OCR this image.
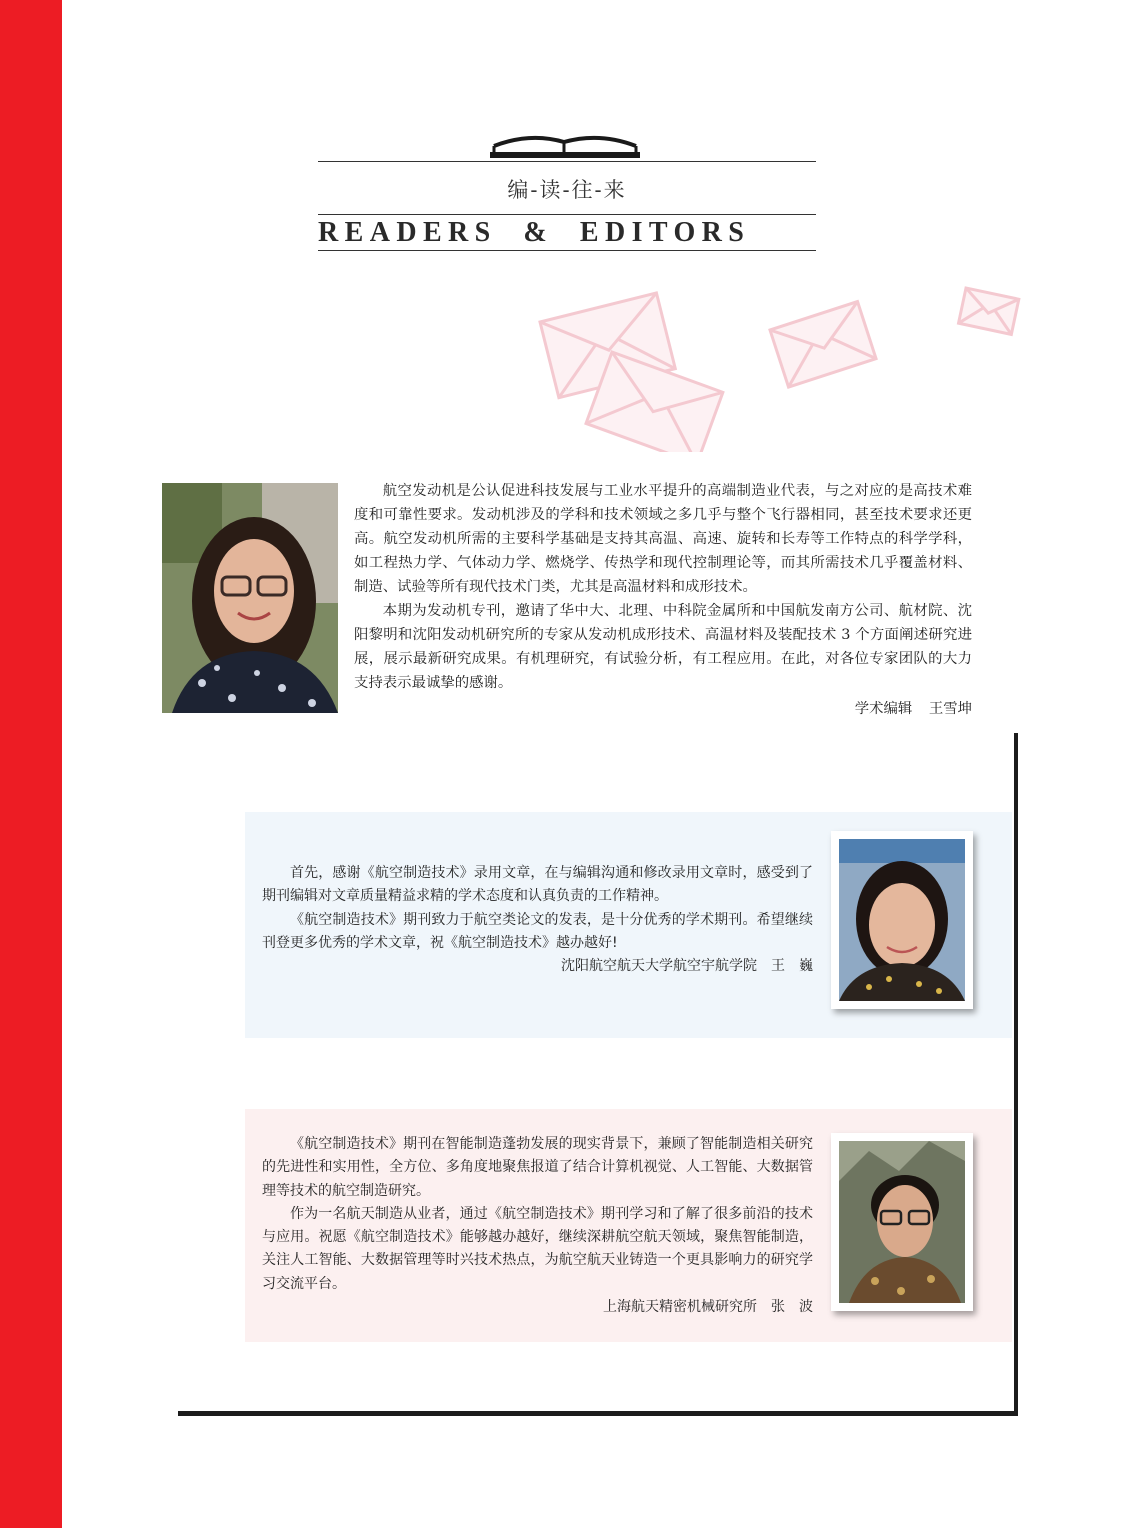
编-读-往-来
READERS  &  EDITORS

航空发动机是公认促进科技发展与工业水平提升的高端制造业代表，与之对应的是高技术难度和可靠性要求。发动机涉及的学科和技术领域之多几乎与整个飞行器相同，甚至技术要求还更高。航空发动机所需的主要科学基础是支持其高温、高速、旋转和长寿等工作特点的科学学科，如工程热力学、气体动力学、燃烧学、传热学和现代控制理论等，而其所需技术几乎覆盖材料、制造、试验等所有现代技术门类，尤其是高温材料和成形技术。

本期为发动机专刊，邀请了华中大、北理、中科院金属所和中国航发南方公司、航材院、沈阳黎明和沈阳发动机研究所的专家从发动机成形技术、高温材料及装配技术 3 个方面阐述研究进展，展示最新研究成果。有机理研究，有试验分析，有工程应用。在此，对各位专家团队的大力支持表示最诚挚的感谢。

学术编辑 王雪坤

首先，感谢《航空制造技术》录用文章，在与编辑沟通和修改录用文章时，感受到了期刊编辑对文章质量精益求精的学术态度和认真负责的工作精神。

《航空制造技术》期刊致力于航空类论文的发表，是十分优秀的学术期刊。希望继续刊登更多优秀的学术文章，祝《航空制造技术》越办越好!

沈阳航空航天大学航空宇航学院　王　巍

《航空制造技术》期刊在智能制造蓬勃发展的现实背景下，兼顾了智能制造相关研究的先进性和实用性，全方位、多角度地聚焦报道了结合计算机视觉、人工智能、大数据管理等技术的航空制造研究。

作为一名航天制造从业者，通过《航空制造技术》期刊学习和了解了很多前沿的技术与应用。祝愿《航空制造技术》能够越办越好，继续深耕航空航天领域，聚焦智能制造，关注人工智能、大数据管理等时兴技术热点，为航空航天业铸造一个更具影响力的研究学习交流平台。

上海航天精密机械研究所　张　波
